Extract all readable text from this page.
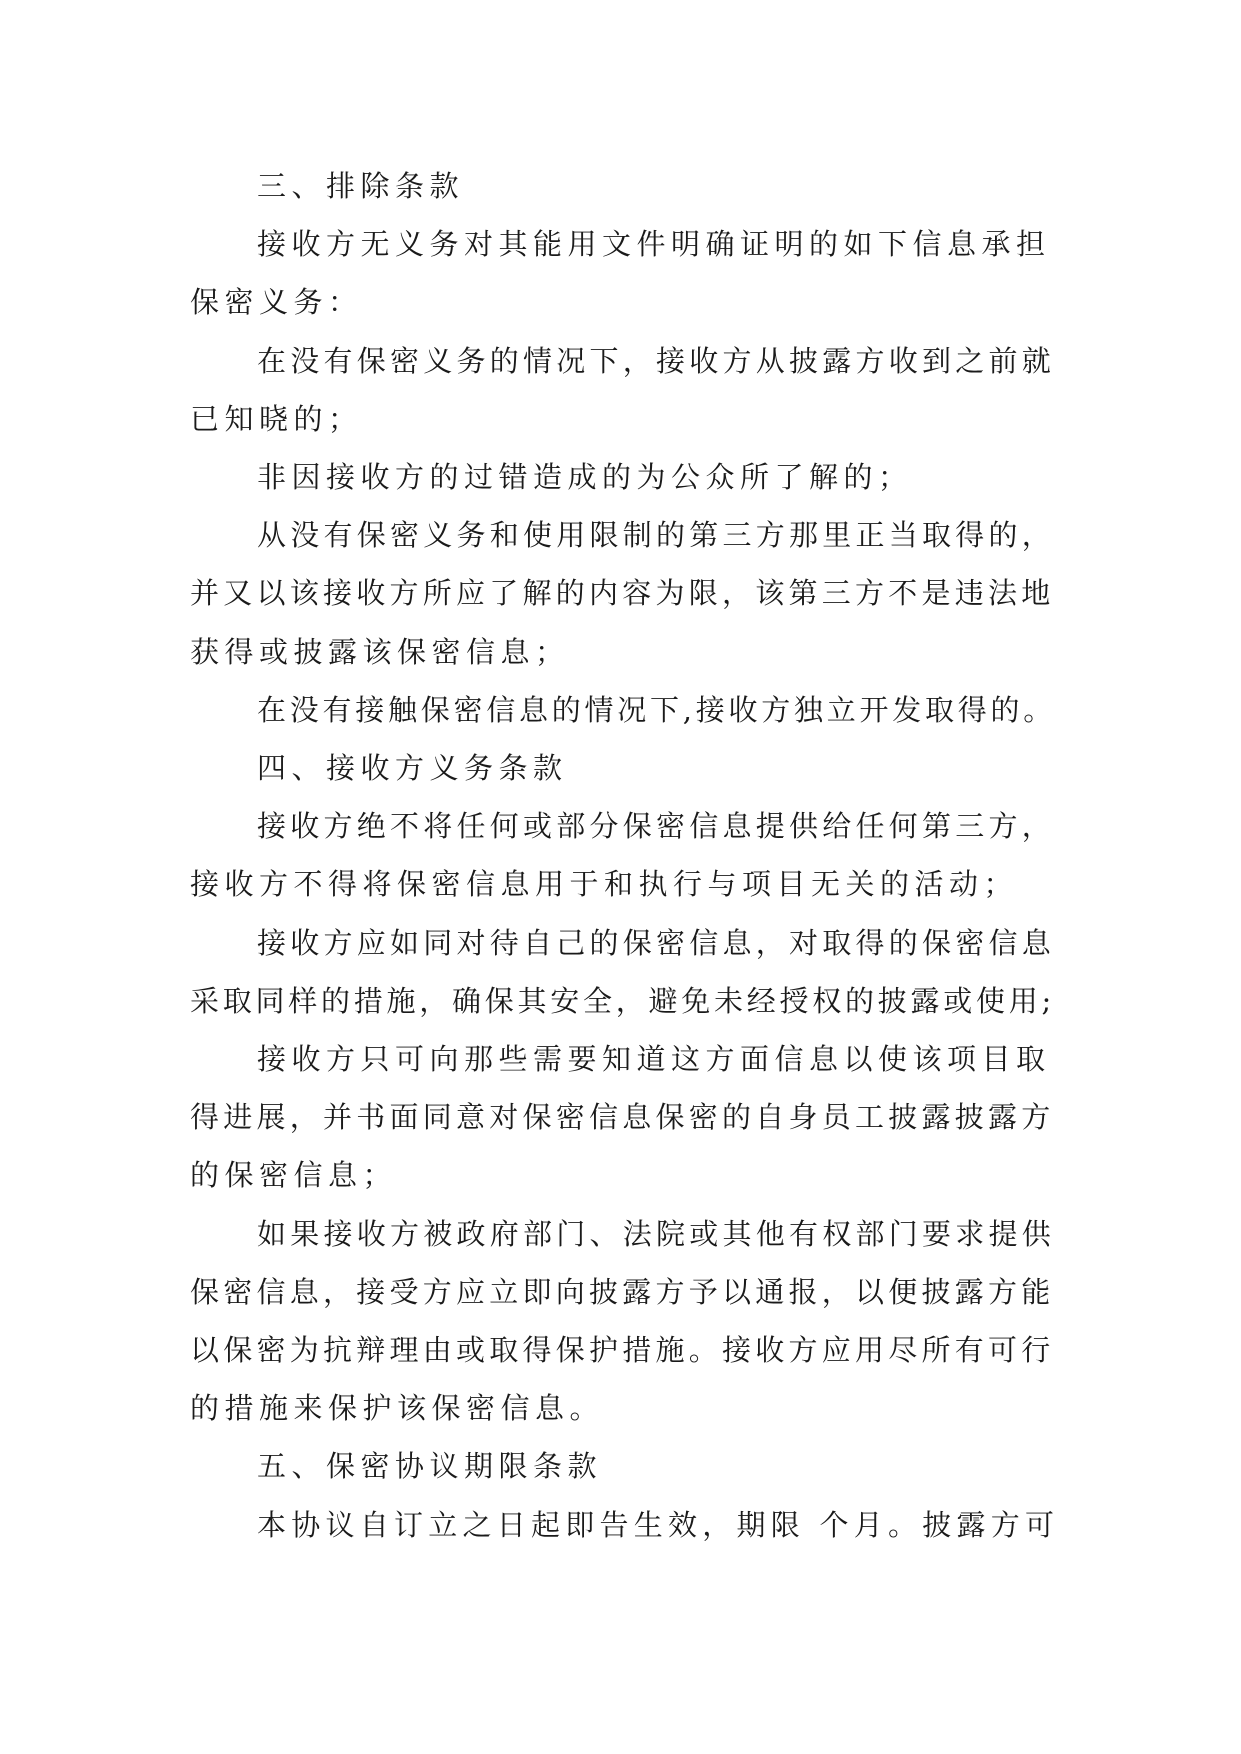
三、排除条款
接收方无义务对其能用文件明确证明的如下信息承担
保密义务：
在没有保密义务的情况下，接收方从披露方收到之前就
已知晓的；
非因接收方的过错造成的为公众所了解的；
从没有保密义务和使用限制的第三方那里正当取得的，
并又以该接收方所应了解的内容为限，该第三方不是违法地
获得或披露该保密信息；
在没有接触保密信息的情况下,接收方独立开发取得的。
四、接收方义务条款
接收方绝不将任何或部分保密信息提供给任何第三方，
接收方不得将保密信息用于和执行与项目无关的活动；
接收方应如同对待自己的保密信息，对取得的保密信息
采取同样的措施，确保其安全，避免未经授权的披露或使用;
接收方只可向那些需要知道这方面信息以使该项目取
得进展，并书面同意对保密信息保密的自身员工披露披露方
的保密信息；
如果接收方被政府部门、法院或其他有权部门要求提供
保密信息，接受方应立即向披露方予以通报，以便披露方能
以保密为抗辩理由或取得保护措施。接收方应用尽所有可行
的措施来保护该保密信息。
五、保密协议期限条款
本协议自订立之日起即告生效，期限 个月。披露方可
